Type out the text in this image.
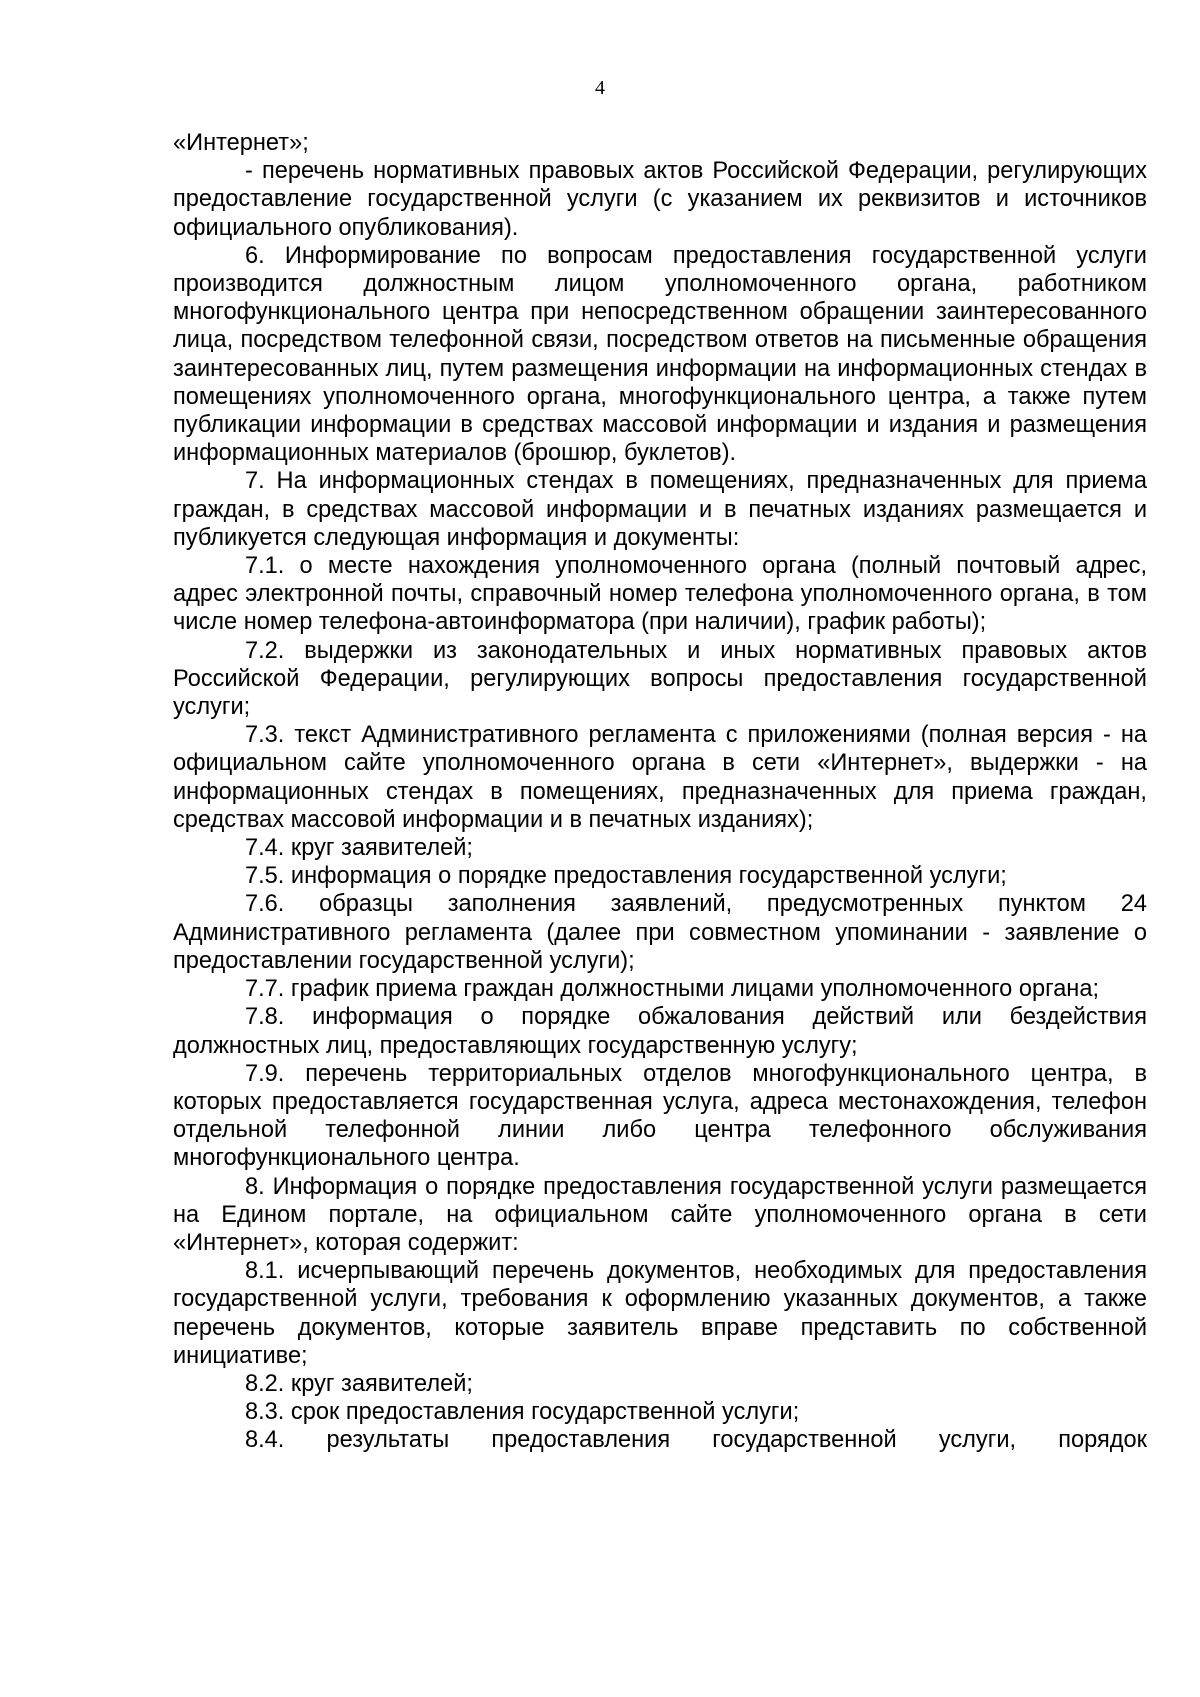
4

«Интернет»;

- перечень нормативных правовых актов Российской Федерации, регулирующих предоставление государственной услуги (с указанием их реквизитов и источников официального опубликования).

6. Информирование по вопросам предоставления государственной услуги производится должностным лицом уполномоченного органа, работником многофункционального центра при непосредственном обращении заинтересованного лица, посредством телефонной связи, посредством ответов на письменные обращения заинтересованных лиц, путем размещения информации на информационных стендах в помещениях уполномоченного органа, многофункционального центра, а также путем публикации информации в средствах массовой информации и издания и размещения информационных материалов (брошюр, буклетов).

7. На информационных стендах в помещениях, предназначенных для приема граждан, в средствах массовой информации и в печатных изданиях размещается и публикуется следующая информация и документы:

7.1. о месте нахождения уполномоченного органа (полный почтовый адрес, адрес электронной почты, справочный номер телефона уполномоченного органа, в том числе номер телефона-автоинформатора (при наличии), график работы);

7.2. выдержки из законодательных и иных нормативных правовых актов Российской Федерации, регулирующих вопросы предоставления государственной услуги;

7.3. текст Административного регламента с приложениями (полная версия - на официальном сайте уполномоченного органа в сети «Интернет», выдержки - на информационных стендах в помещениях, предназначенных для приема граждан, средствах массовой информации и в печатных изданиях);

7.4. круг заявителей;

7.5. информация о порядке предоставления государственной услуги;

7.6. образцы заполнения заявлений, предусмотренных пунктом 24 Административного регламента (далее при совместном упоминании - заявление о предоставлении государственной услуги);

7.7. график приема граждан должностными лицами уполномоченного органа;

7.8. информация о порядке обжалования действий или бездействия должностных лиц, предоставляющих государственную услугу;

7.9. перечень территориальных отделов многофункционального центра, в которых предоставляется государственная услуга, адреса местонахождения, телефон отдельной телефонной линии либо центра телефонного обслуживания многофункционального центра.

8. Информация о порядке предоставления государственной услуги размещается на Едином портале, на официальном сайте уполномоченного органа в сети «Интернет», которая содержит:

8.1. исчерпывающий перечень документов, необходимых для предоставления государственной услуги, требования к оформлению указанных документов, а также перечень документов, которые заявитель вправе представить по собственной инициативе;

8.2. круг заявителей;

8.3. срок предоставления государственной услуги;

8.4. результаты предоставления государственной услуги, порядок
